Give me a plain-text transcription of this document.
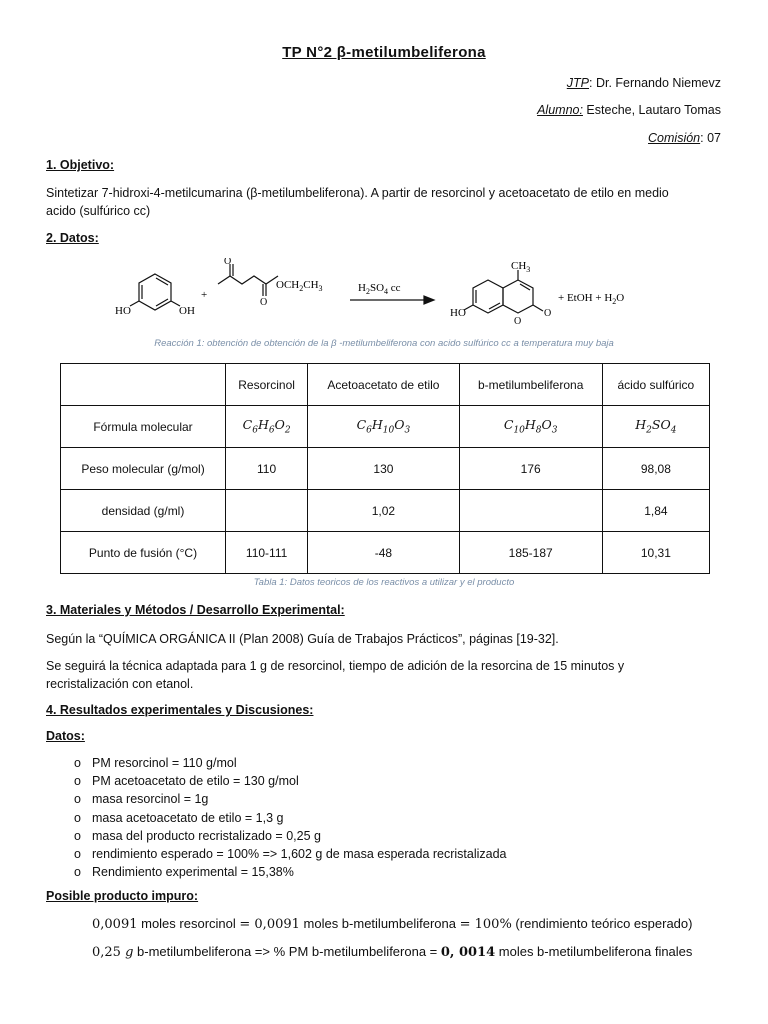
TP N°2 β-metilumbeliferona
JTP: Dr. Fernando Niemevz
Alumno: Esteche, Lautaro Tomas
Comisión: 07
1. Objetivo:
Sintetizar 7-hidroxi-4-metilcumarina (β-metilumbeliferona). A partir de resorcinol y acetoacetato de etilo en medio
acido (sulfúrico cc)
2. Datos:
HO	OH
+
O
O
$OCH_2CH_3$	$H_2SO_4$ cc
$CH_3$
HO
O
O
+ EtOH + $H_2O$
Reacción 1: obtención de obtención de la β -metilumbeliferona con acido sulfúrico cc a temperatura muy baja
	Resorcinol	Acetoacetato de etilo	b-metilumbeliferona	ácido sulfúrico
Fórmula molecular	$C_6H_6O_2$	$C_6H_{10}O_3$	$C_{10}H_8O_3$	$H_2SO_4$
Peso molecular (g/mol)	110	130	176	98,08
densidad (g/ml)		1,02		1,84
Punto de fusión (°C)	110-111	-48	185-187	10,31
Tabla 1: Datos teoricos de los reactivos a utilizar y el producto
3. Materiales y Métodos / Desarrollo Experimental:
Según la “QUÍMICA ORGÁNICA II (Plan 2008) Guía de Trabajos Prácticos”, páginas [19-32].
Se seguirá la técnica adaptada para 1 g de resorcinol, tiempo de adición de la resorcina de 15 minutos y
recristalización con etanol.
4. Resultados experimentales y Discusiones:
Datos:
o PM resorcinol = 110 g/mol
o PM acetoacetato de etilo = 130 g/mol
o masa resorcinol = 1g
o masa acetoacetato de etilo = 1,3 g
o masa del producto recristalizado = 0,25 g
o rendimiento esperado = 100% => 1,602 g de masa esperada recristalizada
o Rendimiento experimental = 15,38%
Posible producto impuro:
0,0091 moles resorcinol = 0,0091 moles b-metilumbeliferona = 100% (rendimiento teórico esperado)
0,25 g b-metilumbeliferona => % PM b-metilumbeliferona = 0, 0014 moles b-metilumbeliferona finales
